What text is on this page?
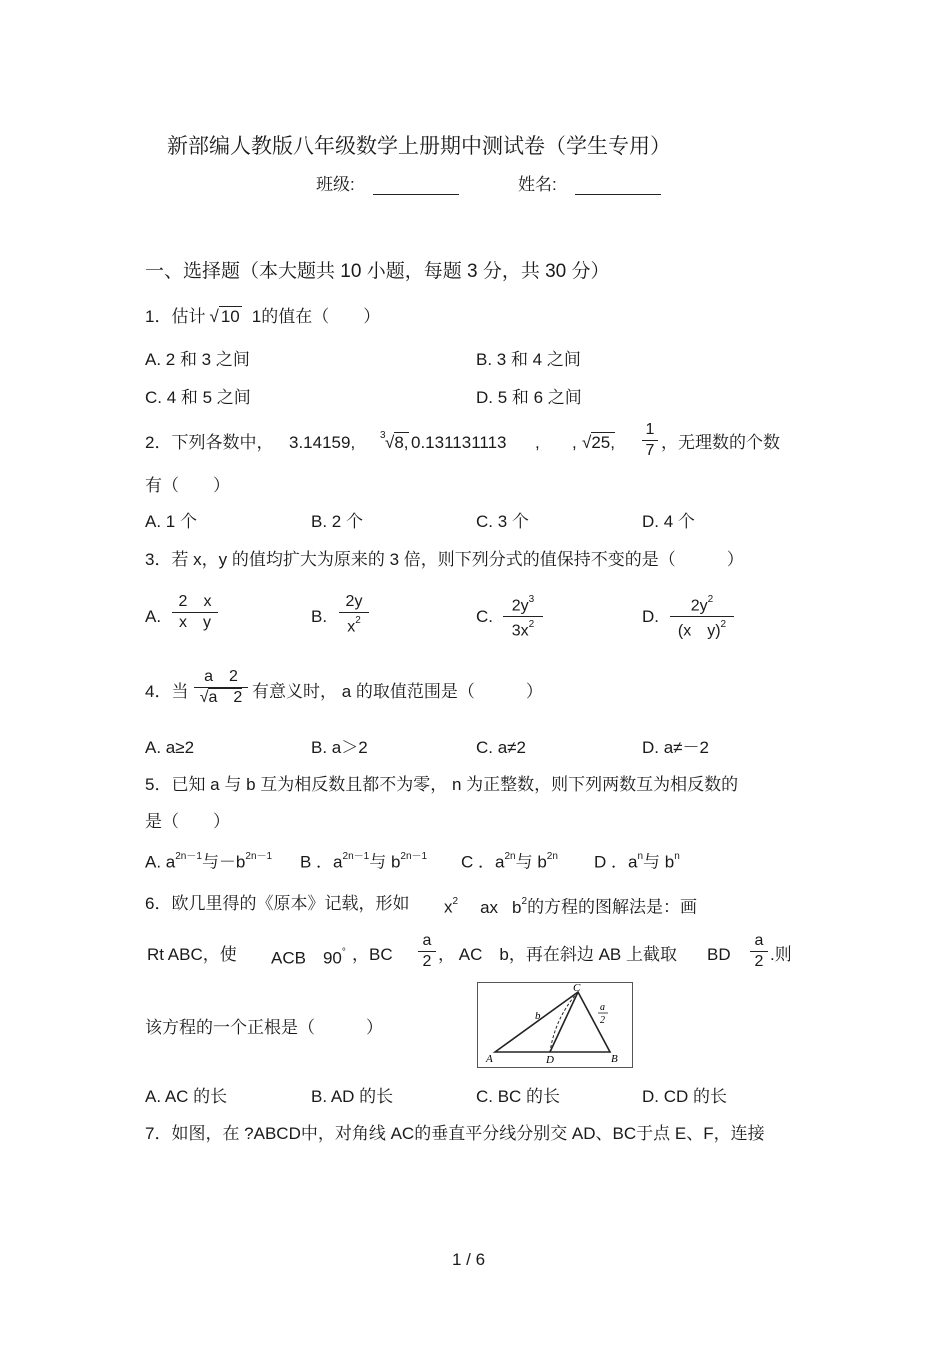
新部编人教版八年级数学上册期中测试卷（学生专用）
班级:	姓名:
一、选择题（本大题共 10 小题，每题 3 分，共 30 分）
1．估计 √ 10 1的值在（　　）
A. 2 和 3 之间	B. 3 和 4 之间
C. 4 和 5 之间	D. 5 和 6 之间
2．下列各数中， 3.14159, 3 √8, 0.131131113 , , √25,
1
7 ，无理数的个数
有（　　）
A. 1 个	B. 2 个	C. 3 个	D. 4 个
3．若 x，y 的值均扩大为原来的 3 倍，则下列分式的值保持不变的是（　　　）
A.
2　x
x　y	B.
2y
$x^2$	C.
$2y^3$
$3x^2$	D.
$2y^2$
(x　y)$^2$
4．当
a　2
√a　2 有意义时， a 的取值范围是（　　　）
A. a≥2	B. a＞2	C. a≠2	D. a≠－2
5．已知 a 与 b 互为相反数且都不为零， n 为正整数，则下列两数互为相反数的
是（　　）
A. $a^{2n-1}$与$-b^{2n-1}$ B ．$a^{2n-1}$与 $b^{2n-1}$ C ．$a^{2n}$与 $b^{2n}$ D ．$a^n$与 $b^n$
6．欧几里得的《原本》记载，形如 $x^2$ ax $b^2$的方程的图解法是：画
Rt ABC，使 ACB　90° ，BC
a
2 ， AC　b，再在斜边 AB 上截取 BD
a
2 .则
该方程的一个正根是（　　　）
A
C
D	B
b
a
2
A. AC 的长	B. AD 的长	C. BC 的长	D. CD 的长
7．如图，在 ?ABCD中，对角线 AC的垂直平分线分别交 AD、BC于点 E、F，连接
1 / 6
